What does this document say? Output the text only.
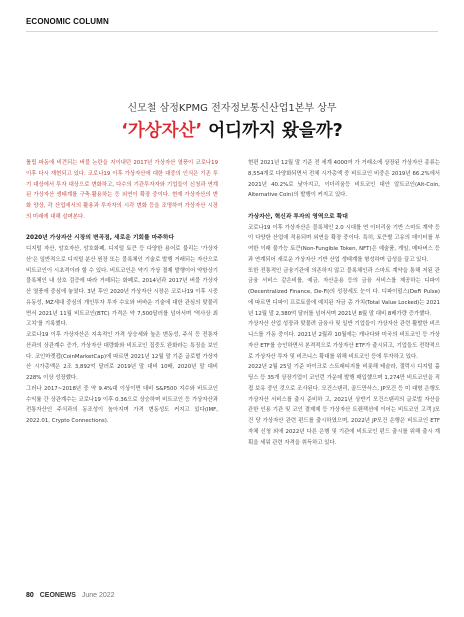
ECONOMIC COLUMN
신모철 삼정KPMG 전자정보통신산업1본부 상무
‘가상자산’ 어디까지 왔을까?

톨립 파동에 비견되는 버블 논란을 지이내던 2017년 가상자산 열풍이 코로나19 이후 다시 재현되고 있다. 코로나19 이후 가상자산에 대한 대중의 인식은 기존 투기 대상에서 투자 대상으로 변화하고, 다수의 기관투자자와 기업들이 신청과 연계된 가상자산 생태계를 구축·활용하는 등 외연이 확장 중이다. 현재 가상자산의 변화 양상, 각 산업에서의 활용과 투자자의 시각 변화 등을 조명하여 가상자산 시장의 미래에 대해 살펴본다.

2020년 가상자산 시장의 변곡점, 새로운 기회를 마주하다

디지털 자산, 암호자산, 암호화폐, 디지털 토큰 등 다양한 용어로 불리는 '가상자산'은 일반적으로 디지털 분산 원장 또는 블록체인 기술로 발행 거래되는 자산으로 비트코인이 시초격이라 할 수 있다. 비트코인은 약기 가상 결제 발행이어 약항상기 블록체인 내 상호 검증에 따라 거래되는 화폐로, 2014년과 2017년 버블 가상자산 열풍에 중심에 놓였다. 3년 후인 2020년 가상자산 시장은 코로나19 이후 시중 유동성, MZ세대 중심의 개인투자 투자 수요와 버바운 기술에 대한 관심의 맞물리면서 2021년 11월 비트코인(BTC) 가격은 약 7,500달러를 넘어서며 '역사상 최고치'를 기록했다.

코로나19 이후 가상자산은 지속적인 가격 상승세와 높은 변동성, 주식 등 전통자산과의 상관계수 증가, 가상자산 대량화와 비트코인 집중도 완화라는 특징을 보인다. 코인마켓캡(CoinMarketCap)에 따르면 2021년 12월 말 기준 글로벌 가상자산 시가총액은 2조 3,892억 달러로 2019년 말 대비 10배, 2020년 말 대비 228% 이상 성장했다.

그러나 2017~2018년 중 약 9.4%대 이상이면 대비 S&P500 지수와 비트코인 수익률 간 상관계수는 코로나19 이후 0.36으로 상승하며 비트코인 등 가상자산과 전통자산인 주식과의 동조성이 높아지며 가격 변동성도 커지고 있다(IMF, 2022.01, Crypto Connections).

현편 2021년 12월 말 기준 전 세계 4000여 가 거래소에 상장된 가상자산 종류는 8,554개로 다양화되면서 전체 시가총액 중 비트코인 비중은 2019년 66.2%에서 2021년 40.2%로 낮아지고, 이더리움등 비트코인 대안 알트코인(Alt-Coin, Alternative Coin)의 발행이 커지고 있다.

가상자산, 혁신과 투자의 영역으로 확대

코로나19 이후 가상자산은 블록체인 2.0 시대를 연 이더리움 기반 스마트 계약 등이 다양한 산업에 적용되며 외연을 확장 중이다. 특히, 토큰별 고유의 데이터를 부여한 이래 불가능 토큰(Non-Fungible Token, NFT)은 예술품, 게임, 메타버스 등과 연계되어 새로운 가상자산 기반 산업 생태계를 형성하며 급성을 끌고 있다.

또한 전통적인 금융기관에 의존하지 않고 블록체인과 스마트 계약을 통해 저된 관 금융 서비스 같은비를, 예금, 자산운용 등의 금융 서비스를 제공하는 디파이(Decentralized Finance, De-Fi)의 성장세도 눈이 다. 디파이펄스(DeFi Pulse)에 따르면 디파이 프로토콜에 예치된 자금 총 가치(Total Value Locked)는 2021년 12월 말 2,380억 달러를 넘어서며 2021년 8월 말 대비 8배가량 증가했다.

가상자산 산업 성장과 맞물려 금융사 및 일반 기업들이 가상자산 관련 활발한 비즈니스를 가동 중이다. 2021년 2월과 10월에는 캐나다와 미국의 비트코인 등 가상자산 ETF를 승인하면서 본격적으로 가상자산 ETF가 출시되고, 기업들도 전략적으로 가상자산 투자 및 비즈니스 확대를 위해 비트코인 등에 투자하고 있다.

2022년 2월 25일 기준 마이크로 스트래티지를 비롯해 테슬라, 갤럭시 디지털 홀딩스 등 35개 상장기업이 코인런 가운데 발행 매입했으며 1,274만 비트코인을 직접 보유 중인 것으로 조사된다. 모건스탠리, 골드만삭스, JP모건 등 미 대형 은행도 가상자산 서비스를 출시 준비하 고, 2021년 상반기 모건스탠리의 글로벌 자산을 관한 인용 기관 및 코인 결제제 등 가상자산 트랜잭션에 이어는 비트코인 고객 J모건 당 가상자산 관련 펀드를 출시하였으며, 2022년 JP모건 은행은 비트코인 ETF 자체 신청 외에 2022년 다른 은행 및 기관에 비트코인 펀드 출시를 위해 출시 계획을 세워 관련 자격을 취득하고 있다.

80 CEONEWS June 2022
